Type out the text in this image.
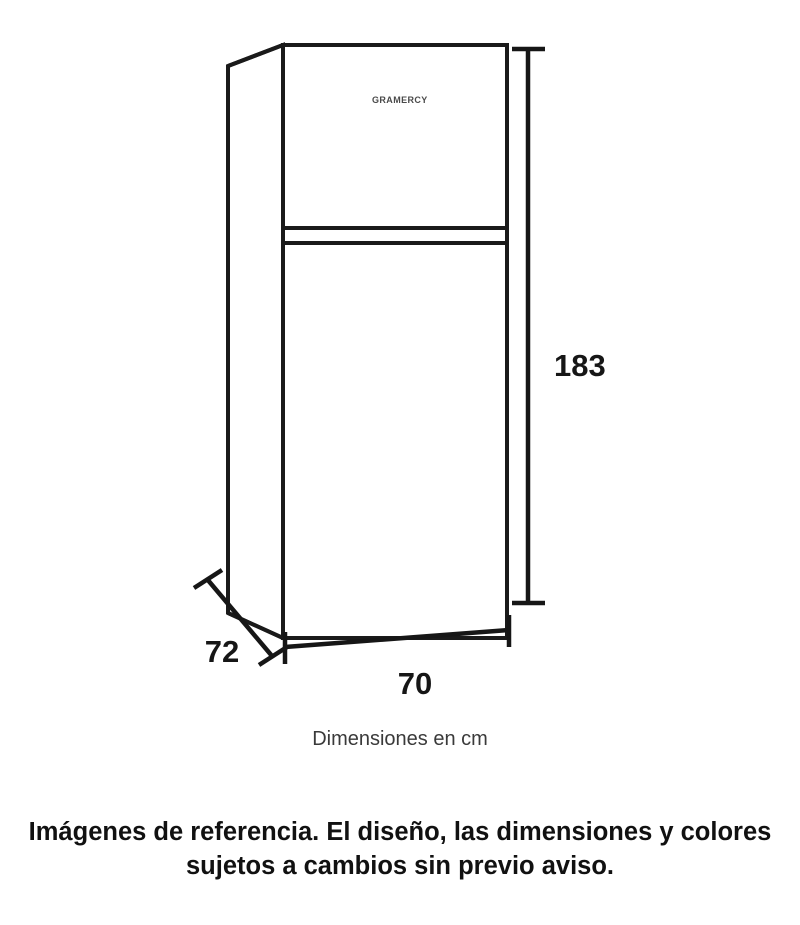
GRAMERCY
183
70
72
Dimensiones en cm
Imágenes de referencia. El diseño, las dimensiones y colores
sujetos a cambios sin previo aviso.
